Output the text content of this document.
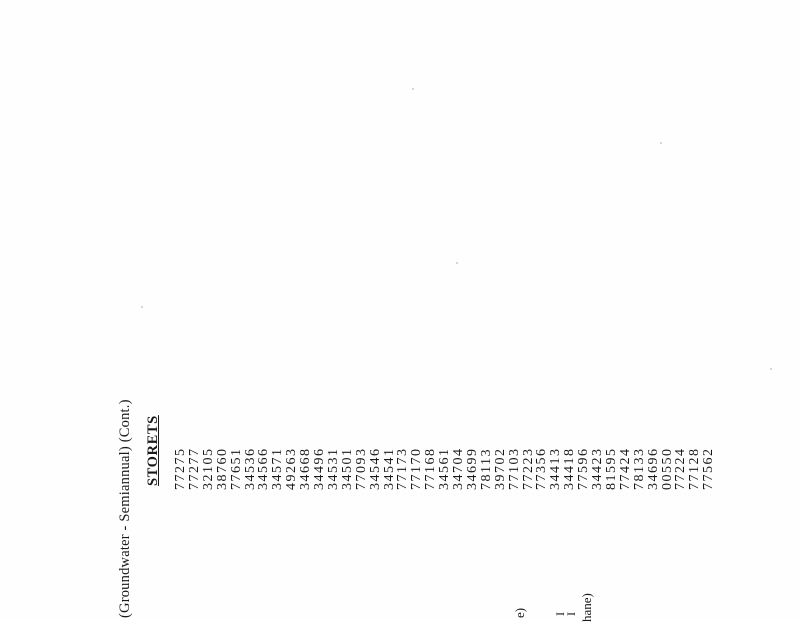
(Groundwater - Semiannual) (Cont.) STORETS 77275
77277
32105
38760
77651
34536
34566
34571
49263
34668
34496
34531
34501
77093
34546
34541
77173
77170
77168
34561
34704
34699
78113
39702
77103
77223
77356
34413
34418
77596
34423
81595
77424
78133
34696
00550
77224
77128
77562
e) I
I hane)
